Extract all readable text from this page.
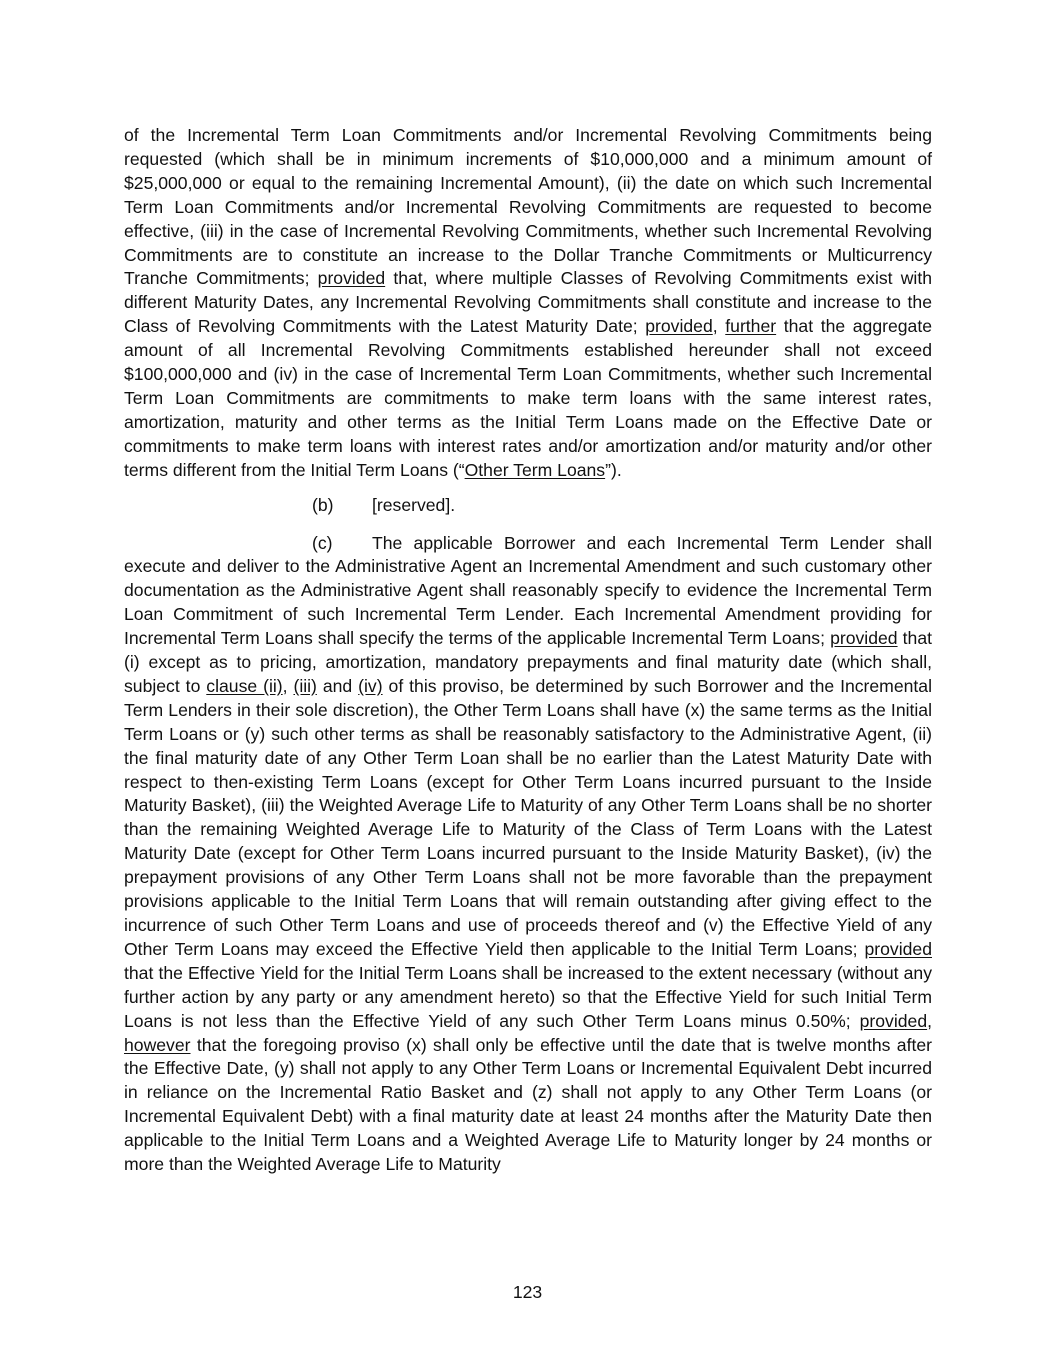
of the Incremental Term Loan Commitments and/or Incremental Revolving Commitments being requested (which shall be in minimum increments of $10,000,000 and a minimum amount of $25,000,000 or equal to the remaining Incremental Amount), (ii) the date on which such Incremental Term Loan Commitments and/or Incremental Revolving Commitments are requested to become effective, (iii) in the case of Incremental Revolving Commitments, whether such Incremental Revolving Commitments are to constitute an increase to the Dollar Tranche Commitments or Multicurrency Tranche Commitments; provided that, where multiple Classes of Revolving Commitments exist with different Maturity Dates, any Incremental Revolving Commitments shall constitute and increase to the Class of Revolving Commitments with the Latest Maturity Date; provided, further that the aggregate amount of all Incremental Revolving Commitments established hereunder shall not exceed $100,000,000 and (iv) in the case of Incremental Term Loan Commitments, whether such Incremental Term Loan Commitments are commitments to make term loans with the same interest rates, amortization, maturity and other terms as the Initial Term Loans made on the Effective Date or commitments to make term loans with interest rates and/or amortization and/or maturity and/or other terms different from the Initial Term Loans (“Other Term Loans”).

(b) [reserved].

(c) The applicable Borrower and each Incremental Term Lender shall execute and deliver to the Administrative Agent an Incremental Amendment and such customary other documentation as the Administrative Agent shall reasonably specify to evidence the Incremental Term Loan Commitment of such Incremental Term Lender. Each Incremental Amendment providing for Incremental Term Loans shall specify the terms of the applicable Incremental Term Loans; provided that (i) except as to pricing, amortization, mandatory prepayments and final maturity date (which shall, subject to clause (ii), (iii) and (iv) of this proviso, be determined by such Borrower and the Incremental Term Lenders in their sole discretion), the Other Term Loans shall have (x) the same terms as the Initial Term Loans or (y) such other terms as shall be reasonably satisfactory to the Administrative Agent, (ii) the final maturity date of any Other Term Loan shall be no earlier than the Latest Maturity Date with respect to then-existing Term Loans (except for Other Term Loans incurred pursuant to the Inside Maturity Basket), (iii) the Weighted Average Life to Maturity of any Other Term Loans shall be no shorter than the remaining Weighted Average Life to Maturity of the Class of Term Loans with the Latest Maturity Date (except for Other Term Loans incurred pursuant to the Inside Maturity Basket), (iv) the prepayment provisions of any Other Term Loans shall not be more favorable than the prepayment provisions applicable to the Initial Term Loans that will remain outstanding after giving effect to the incurrence of such Other Term Loans and use of proceeds thereof and (v) the Effective Yield of any Other Term Loans may exceed the Effective Yield then applicable to the Initial Term Loans; provided that the Effective Yield for the Initial Term Loans shall be increased to the extent necessary (without any further action by any party or any amendment hereto) so that the Effective Yield for such Initial Term Loans is not less than the Effective Yield of any such Other Term Loans minus 0.50%; provided, however that the foregoing proviso (x) shall only be effective until the date that is twelve months after the Effective Date, (y) shall not apply to any Other Term Loans or Incremental Equivalent Debt incurred in reliance on the Incremental Ratio Basket and (z) shall not apply to any Other Term Loans (or Incremental Equivalent Debt) with a final maturity date at least 24 months after the Maturity Date then applicable to the Initial Term Loans and a Weighted Average Life to Maturity longer by 24 months or more than the Weighted Average Life to Maturity

123
